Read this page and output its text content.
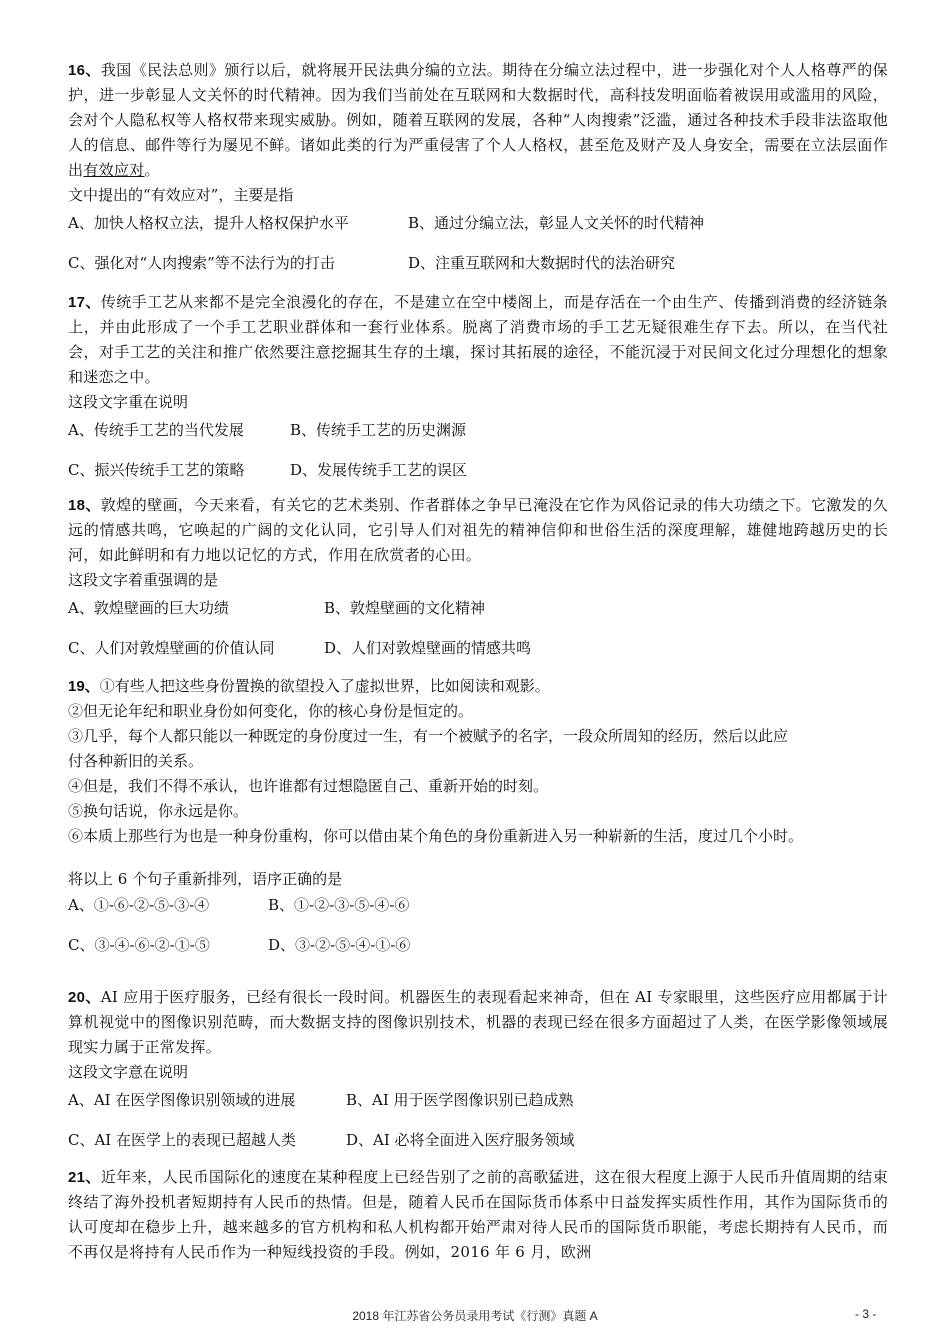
16、我国《民法总则》颁行以后，就将展开民法典分编的立法。期待在分编立法过程中，进一步强化对个人人格尊严的保护，进一步彰显人文关怀的时代精神。因为我们当前处在互联网和大数据时代，高科技发明面临着被误用或滥用的风险，会对个人隐私权等人格权带来现实威胁。例如，随着互联网的发展，各种“人肉搜索”泛滥，通过各种技术手段非法盗取他人的信息、邮件等行为屡见不鲜。诸如此类的行为严重侵害了个人人格权，甚至危及财产及人身安全，需要在立法层面作出有效应对。

文中提出的“有效应对”，主要是指

A、加快人格权立法，提升人格权保护水平	B、通过分编立法，彰显人文关怀的时代精神
C、强化对“人肉搜索”等不法行为的打击	D、注重互联网和大数据时代的法治研究

17、传统手工艺从来都不是完全浪漫化的存在，不是建立在空中楼阁上，而是存活在一个由生产、传播到消费的经济链条上，并由此形成了一个手工艺职业群体和一套行业体系。脱离了消费市场的手工艺无疑很难生存下去。所以，在当代社会，对手工艺的关注和推广依然要注意挖掘其生存的土壤，探讨其拓展的途径，不能沉浸于对民间文化过分理想化的想象和迷恋之中。

这段文字重在说明

A、传统手工艺的当代发展	B、传统手工艺的历史渊源
C、振兴传统手工艺的策略	D、发展传统手工艺的误区

18、敦煌的壁画，今天来看，有关它的艺术类别、作者群体之争早已淹没在它作为风俗记录的伟大功绩之下。它激发的久远的情感共鸣，它唤起的广阔的文化认同，它引导人们对祖先的精神信仰和世俗生活的深度理解，雄健地跨越历史的长河，如此鲜明和有力地以记忆的方式，作用在欣赏者的心田。

这段文字着重强调的是

A、敦煌壁画的巨大功绩	B、敦煌壁画的文化精神
C、人们对敦煌壁画的价值认同	D、人们对敦煌壁画的情感共鸣

19、①有些人把这些身份置换的欲望投入了虚拟世界，比如阅读和观影。

②但无论年纪和职业身份如何变化，你的核心身份是恒定的。

③几乎，每个人都只能以一种既定的身份度过一生，有一个被赋予的名字，一段众所周知的经历，然后以此应

付各种新旧的关系。

④但是，我们不得不承认，也许谁都有过想隐匿自己、重新开始的时刻。

⑤换句话说，你永远是你。

⑥本质上那些行为也是一种身份重构，你可以借由某个角色的身份重新进入另一种崭新的生活，度过几个小时。

将以上 6 个句子重新排列，语序正确的是

A、①-⑥-②-⑤-③-④	B、①-②-③-⑤-④-⑥
C、③-④-⑥-②-①-⑤	D、③-②-⑤-④-①-⑥

20、AI 应用于医疗服务，已经有很长一段时间。机器医生的表现看起来神奇，但在 AI 专家眼里，这些医疗应用都属于计算机视觉中的图像识别范畴，而大数据支持的图像识别技术，机器的表现已经在很多方面超过了人类，在医学影像领域展现实力属于正常发挥。

这段文字意在说明

A、AI 在医学图像识别领域的进展	B、AI 用于医学图像识别已趋成熟
C、AI 在医学上的表现已超越人类	D、AI 必将全面进入医疗服务领域

21、近年来，人民币国际化的速度在某种程度上已经告别了之前的高歌猛进，这在很大程度上源于人民币升值周期的结束终结了海外投机者短期持有人民币的热情。但是，随着人民币在国际货币体系中日益发挥实质性作用，其作为国际货币的认可度却在稳步上升，越来越多的官方机构和私人机构都开始严肃对待人民币的国际货币职能，考虑长期持有人民币，而不再仅是将持有人民币作为一种短线投资的手段。例如，2016 年 6 月，欧洲

2018 年江苏省公务员录用考试《行测》真题 A	- 3 -
